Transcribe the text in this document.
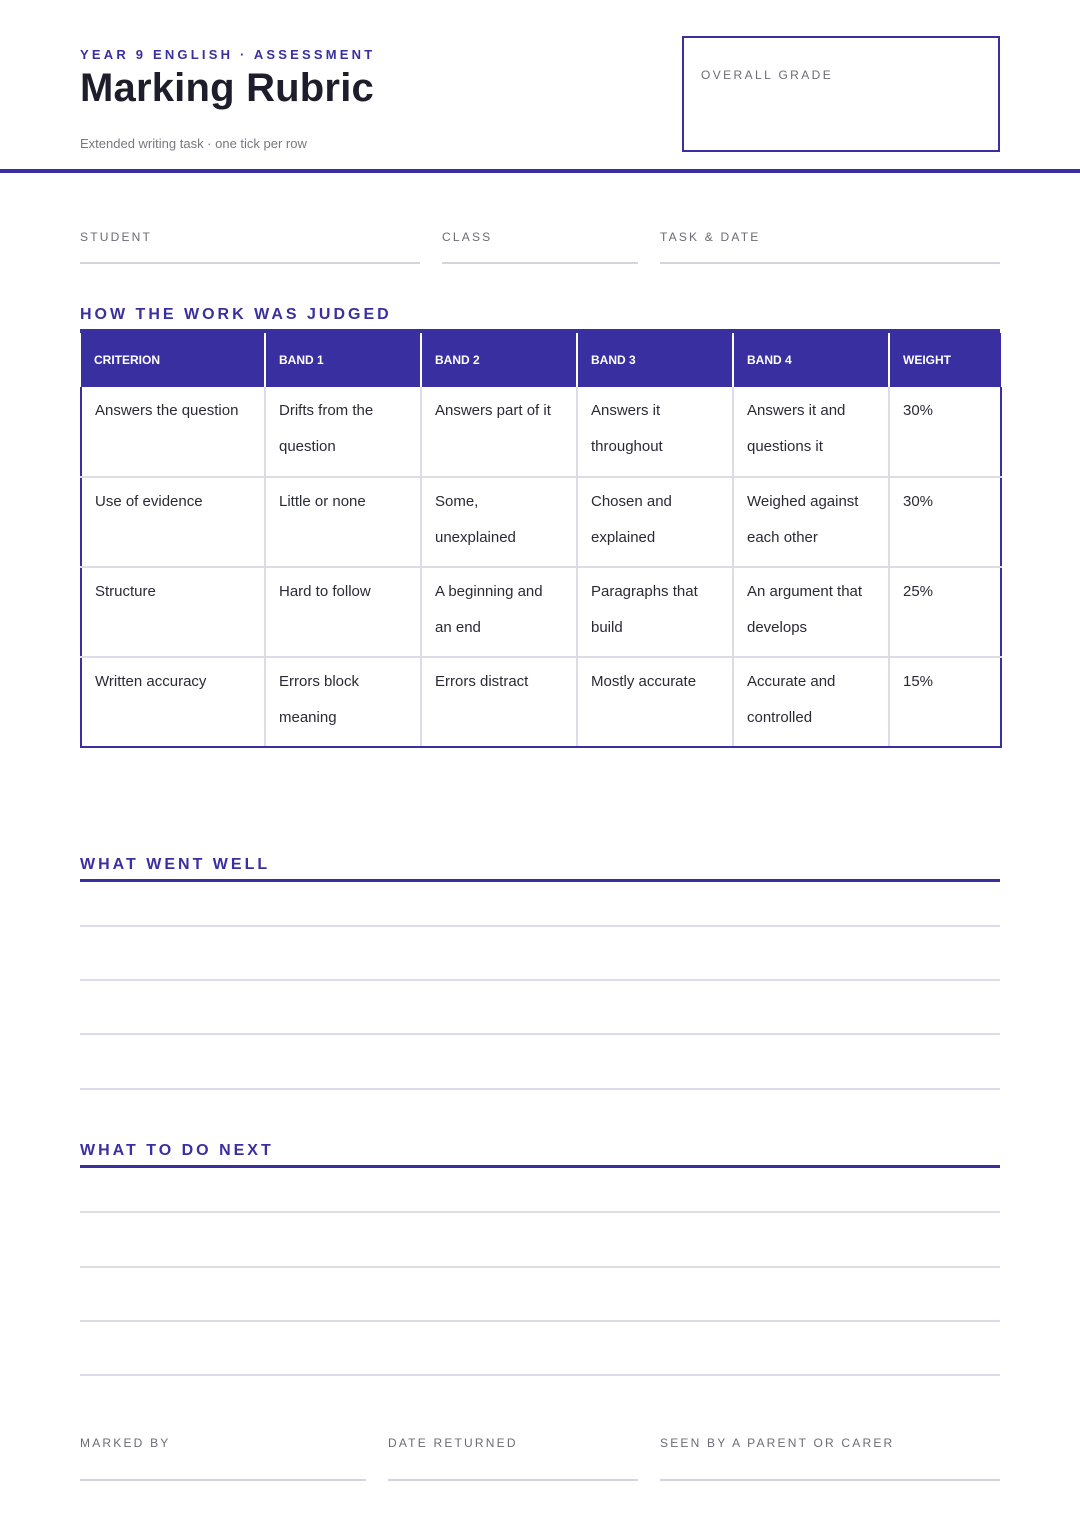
YEAR 9 ENGLISH · ASSESSMENT
Marking Rubric
Extended writing task · one tick per row
OVERALL GRADE
STUDENT	CLASS	TASK & DATE
HOW THE WORK WAS JUDGED
CRITERION	BAND 1	BAND 2	BAND 3	BAND 4	WEIGHT

Answers the question	Drifts from the question	Answers part of it	Answers it throughout	Answers it and questions it	30%

Use of evidence	Little or none	Some, unexplained	Chosen and explained	Weighed against each other	30%

Structure	Hard to follow	A beginning and an end	Paragraphs that build	An argument that develops	25%

Written accuracy	Errors block meaning	Errors distract	Mostly accurate	Accurate and controlled	15%
WHAT WENT WELL
WHAT TO DO NEXT
MARKED BY	DATE RETURNED	SEEN BY A PARENT OR CARER
